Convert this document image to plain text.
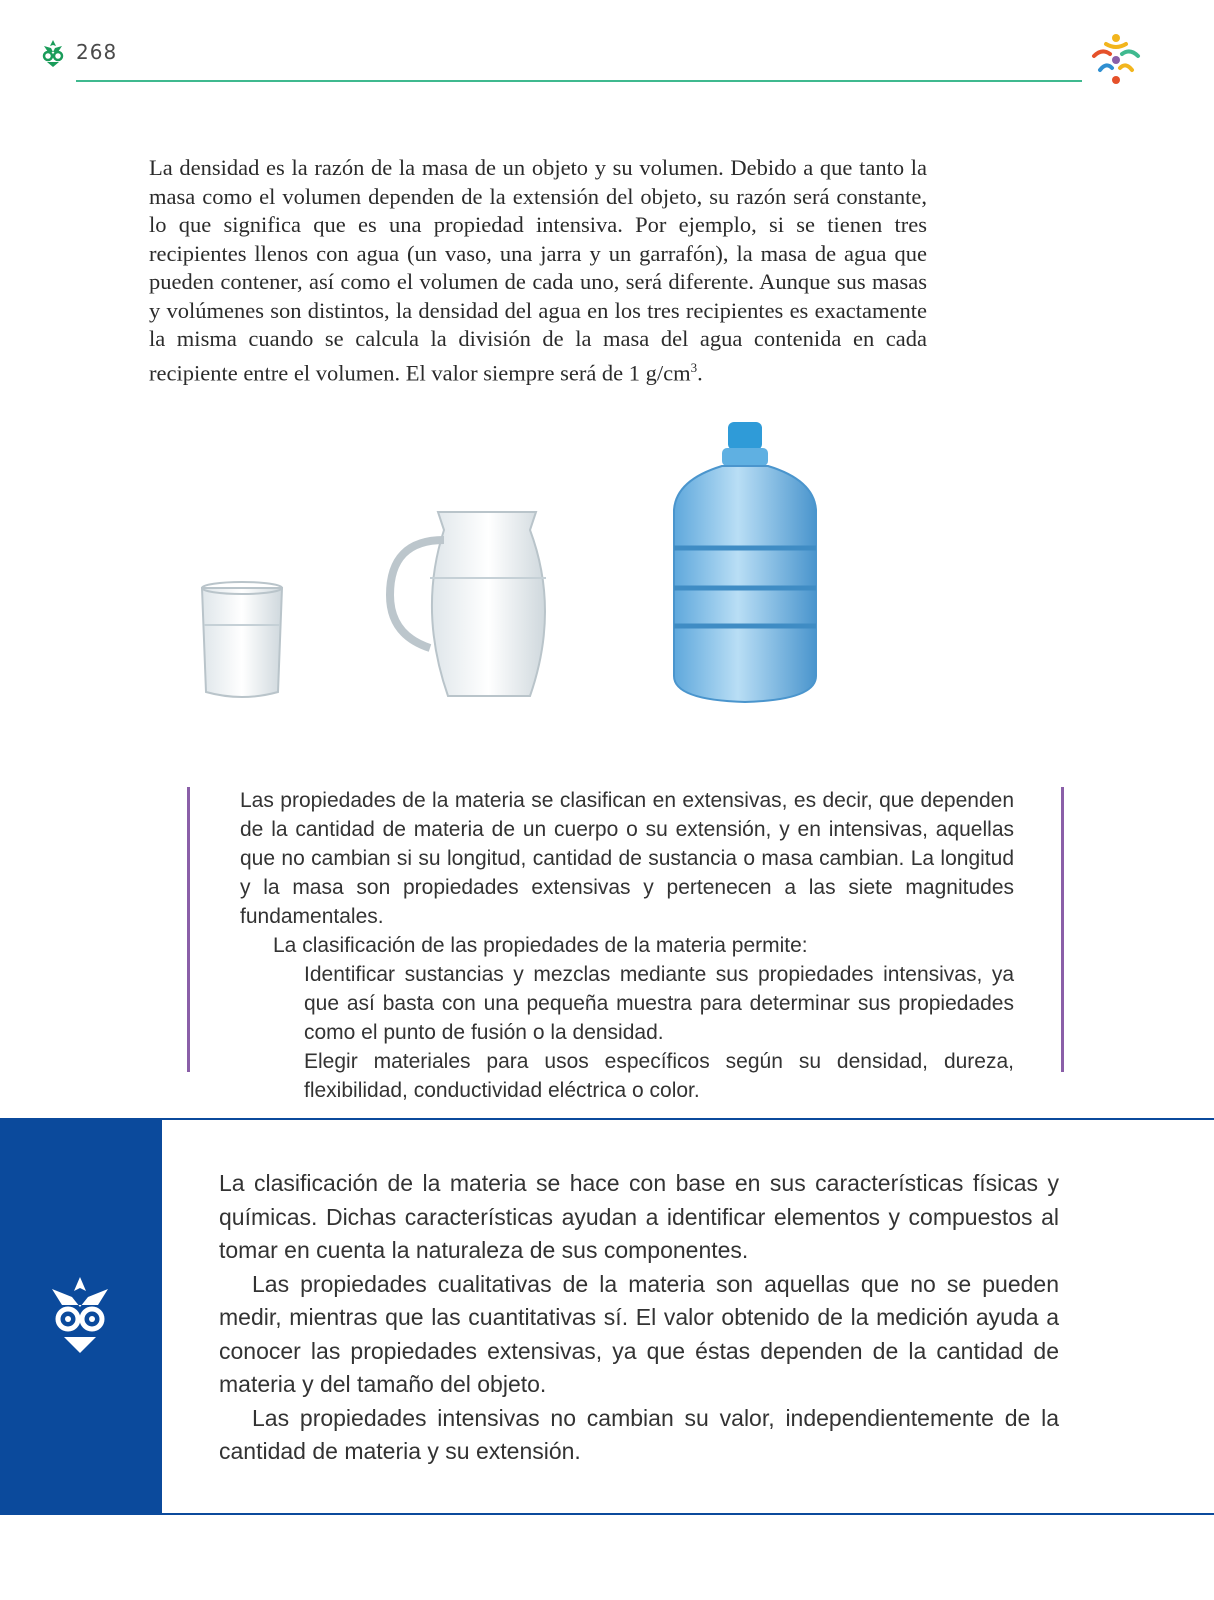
268

La densidad es la razón de la masa de un objeto y su volumen. Debido a que tanto la masa como el volumen dependen de la extensión del objeto, su razón será constante, lo que significa que es una propiedad intensiva. Por ejemplo, si se tienen tres recipientes llenos con agua (un vaso, una jarra y un garrafón), la masa de agua que pueden contener, así como el volumen de cada uno, será diferente. Aunque sus masas y volúmenes son distintos, la densidad del agua en los tres recipientes es exactamente la misma cuando se calcula la división de la masa del agua contenida en cada recipiente entre el volumen. El valor siempre será de 1 $g/cm^3$.

Las propiedades de la materia se clasifican en extensivas, es decir, que dependen de la cantidad de materia de un cuerpo o su extensión, y en intensivas, aquellas que no cambian si su longitud, cantidad de sustancia o masa cambian. La longitud y la masa son propiedades extensivas y pertenecen a las siete magnitudes fundamentales.

La clasificación de las propiedades de la materia permite:

Identificar sustancias y mezclas mediante sus propiedades intensivas, ya que así basta con una pequeña muestra para determinar sus propiedades como el punto de fusión o la densidad.
Elegir materiales para usos específicos según su densidad, dureza, flexibilidad, conductividad eléctrica o color.

La clasificación de la materia se hace con base en sus características físicas y químicas. Dichas características ayudan a identificar elementos y compuestos al tomar en cuenta la naturaleza de sus componentes.

Las propiedades cualitativas de la materia son aquellas que no se pueden medir, mientras que las cuantitativas sí. El valor obtenido de la medición ayuda a conocer las propiedades extensivas, ya que éstas dependen de la cantidad de materia y del tamaño del objeto.

Las propiedades intensivas no cambian su valor, independientemente de la cantidad de materia y su extensión.
